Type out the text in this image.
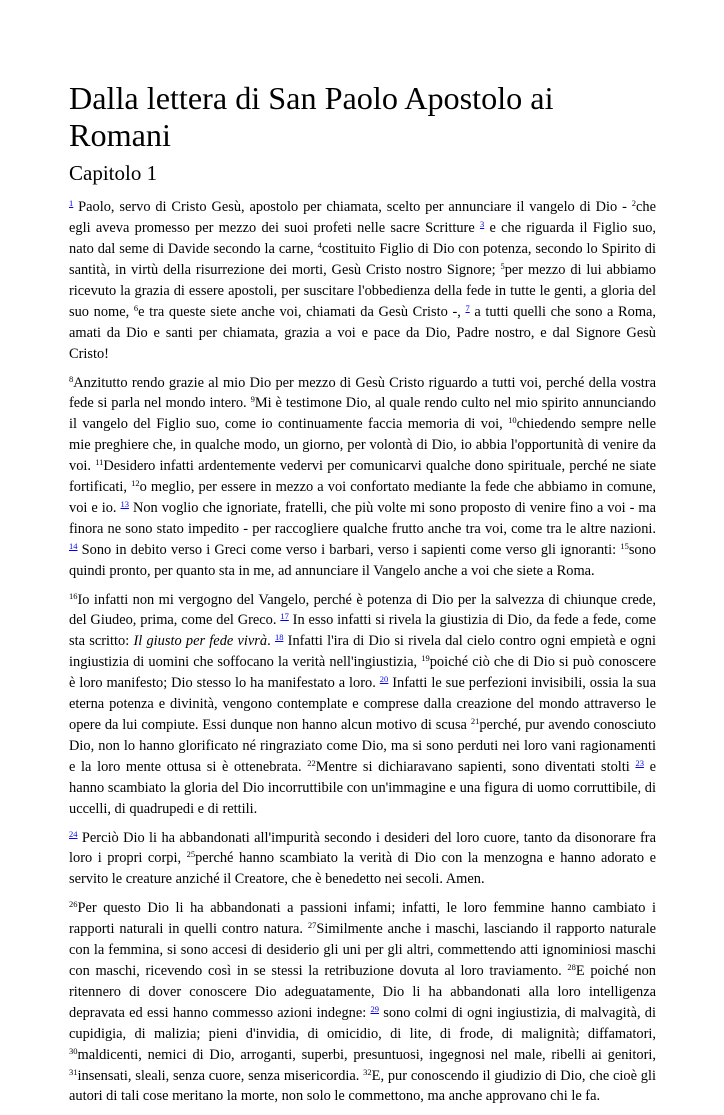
Dalla lettera di San Paolo Apostolo ai Romani
Capitolo 1

$^1$ Paolo, servo di Cristo Gesù, apostolo per chiamata, scelto per annunciare il vangelo di Dio - $^2$che egli aveva promesso per mezzo dei suoi profeti nelle sacre Scritture $^3$ e che riguarda il Figlio suo, nato dal seme di Davide secondo la carne, $^4$costituito Figlio di Dio con potenza, secondo lo Spirito di santità, in virtù della risurrezione dei morti, Gesù Cristo nostro Signore; $^5$per mezzo di lui abbiamo ricevuto la grazia di essere apostoli, per suscitare l'obbedienza della fede in tutte le genti, a gloria del suo nome, $^6$e tra queste siete anche voi, chiamati da Gesù Cristo -, $^7$ a tutti quelli che sono a Roma, amati da Dio e santi per chiamata, grazia a voi e pace da Dio, Padre nostro, e dal Signore Gesù Cristo!

$^8$Anzitutto rendo grazie al mio Dio per mezzo di Gesù Cristo riguardo a tutti voi, perché della vostra fede si parla nel mondo intero. $^9$Mi è testimone Dio, al quale rendo culto nel mio spirito annunciando il vangelo del Figlio suo, come io continuamente faccia memoria di voi, $^{10}$chiedendo sempre nelle mie preghiere che, in qualche modo, un giorno, per volontà di Dio, io abbia l'opportunità di venire da voi. $^{11}$Desidero infatti ardentemente vedervi per comunicarvi qualche dono spirituale, perché ne siate fortificati, $^{12}$o meglio, per essere in mezzo a voi confortato mediante la fede che abbiamo in comune, voi e io. $^{13}$ Non voglio che ignoriate, fratelli, che più volte mi sono proposto di venire fino a voi - ma finora ne sono stato impedito - per raccogliere qualche frutto anche tra voi, come tra le altre nazioni. $^{14}$ Sono in debito verso i Greci come verso i barbari, verso i sapienti come verso gli ignoranti: $^{15}$sono quindi pronto, per quanto sta in me, ad annunciare il Vangelo anche a voi che siete a Roma.

$^{16}$Io infatti non mi vergogno del Vangelo, perché è potenza di Dio per la salvezza di chiunque crede, del Giudeo, prima, come del Greco. $^{17}$ In esso infatti si rivela la giustizia di Dio, da fede a fede, come sta scritto: Il giusto per fede vivrà. $^{18}$ Infatti l'ira di Dio si rivela dal cielo contro ogni empietà e ogni ingiustizia di uomini che soffocano la verità nell'ingiustizia, $^{19}$poiché ciò che di Dio si può conoscere è loro manifesto; Dio stesso lo ha manifestato a loro. $^{20}$ Infatti le sue perfezioni invisibili, ossia la sua eterna potenza e divinità, vengono contemplate e comprese dalla creazione del mondo attraverso le opere da lui compiute. Essi dunque non hanno alcun motivo di scusa $^{21}$perché, pur avendo conosciuto Dio, non lo hanno glorificato né ringraziato come Dio, ma si sono perduti nei loro vani ragionamenti e la loro mente ottusa si è ottenebrata. $^{22}$Mentre si dichiaravano sapienti, sono diventati stolti $^{23}$ e hanno scambiato la gloria del Dio incorruttibile con un'immagine e una figura di uomo corruttibile, di uccelli, di quadrupedi e di rettili.

$^{24}$ Perciò Dio li ha abbandonati all'impurità secondo i desideri del loro cuore, tanto da disonorare fra loro i propri corpi, $^{25}$perché hanno scambiato la verità di Dio con la menzogna e hanno adorato e servito le creature anziché il Creatore, che è benedetto nei secoli. Amen.

$^{26}$Per questo Dio li ha abbandonati a passioni infami; infatti, le loro femmine hanno cambiato i rapporti naturali in quelli contro natura. $^{27}$Similmente anche i maschi, lasciando il rapporto naturale con la femmina, si sono accesi di desiderio gli uni per gli altri, commettendo atti ignominiosi maschi con maschi, ricevendo così in se stessi la retribuzione dovuta al loro traviamento. $^{28}$E poiché non ritennero di dover conoscere Dio adeguatamente, Dio li ha abbandonati alla loro intelligenza depravata ed essi hanno commesso azioni indegne: $^{29}$ sono colmi di ogni ingiustizia, di malvagità, di cupidigia, di malizia; pieni d'invidia, di omicidio, di lite, di frode, di malignità; diffamatori, $^{30}$maldicenti, nemici di Dio, arroganti, superbi, presuntuosi, ingegnosi nel male, ribelli ai genitori, $^{31}$insensati, sleali, senza cuore, senza misericordia. $^{32}$E, pur conoscendo il giudizio di Dio, che cioè gli autori di tali cose meritano la morte, non solo le commettono, ma anche approvano chi le fa.
